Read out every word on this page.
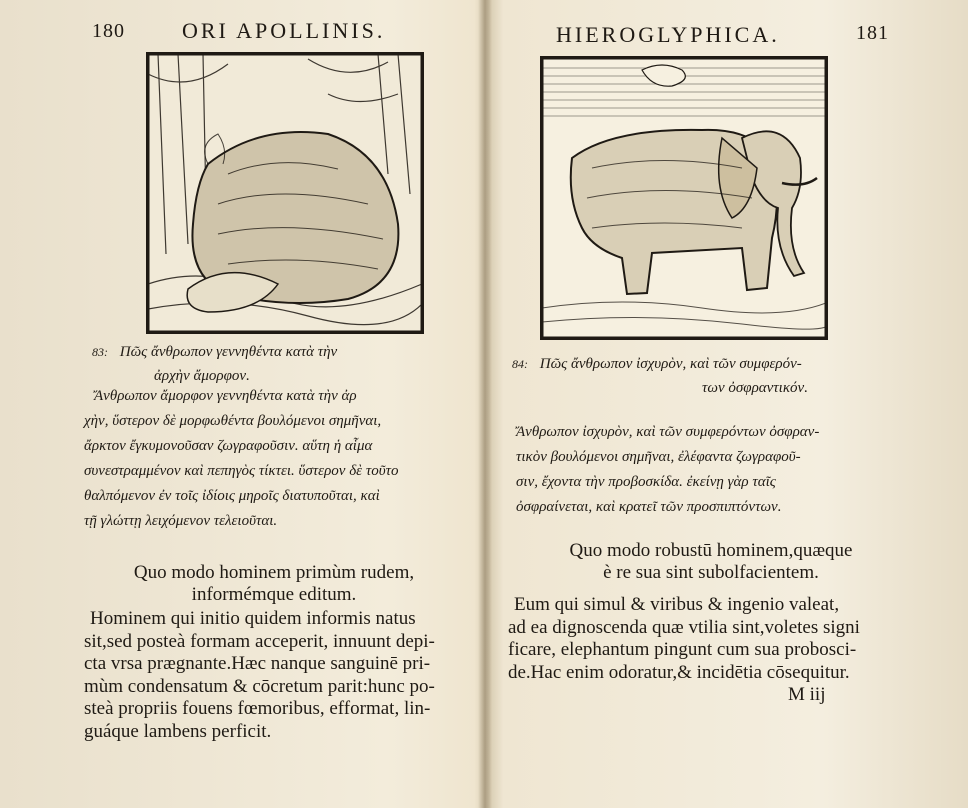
180	ORI APOLLINIS.
83: Πῶς ἄνθρωπον γεννηθέντα κατὰ τὴν
ἀρχὴν ἄμορφον.
Ἄνθρωπον ἄμορφον γεννηθέντα κατὰ τὴν ἀρ
χὴν, ὕστερον δὲ μορφωθέντα βουλόμενοι σημῆναι,
ἄρκτον ἔγκυμονοῦσαν ζωγραφοῦσιν. αὕτη ἡ αἷμα
συνεστραμμένον καὶ πεπηγὸς τίκτει. ὕστερον δὲ τοῦτο
θαλπόμενον ἐν τοῖς ἰδίοις μηροῖς διατυποῦται, καὶ
τῇ γλώττῃ λειχόμενον τελειοῦται.
Quo modo hominem primùm rudem,
informémque editum.
Hominem qui initio quidem informis natus
sit,sed posteà formam acceperit, innuunt depi-
cta vrsa prægnante.Hæc nanque sanguinē pri-
mùm condensatum & cōcretum parit:hunc po-
steà propriis fouens fœmoribus, efformat, lin-
guáque lambens perficit.
HIEROGLYPHICA.	181
84: Πῶς ἄνθρωπον ἰσχυρὸν, καὶ τῶν συμφερόν-
των ὀσφραντικόν.
Ἄνθρωπον ἰσχυρὸν, καὶ τῶν συμφερόντων ὀσφραν-
τικὸν βουλόμενοι σημῆναι, ἐλέφαντα ζωγραφοῦ-
σιν, ἔχοντα τὴν προβοσκίδα. ἐκείνῃ γὰρ ταῖς
ὀσφραίνεται, καὶ κρατεῖ τῶν προσπιπτόντων.
Quo modo robustū hominem,quæque
è re sua sint subolfacientem.
Eum qui simul & viribus & ingenio valeat,
ad ea dignoscenda quæ vtilia sint,voletes signi
ficare, elephantum pingunt cum sua probosci-
de.Hac enim odoratur,& incidētia cōsequitur.
M iij
